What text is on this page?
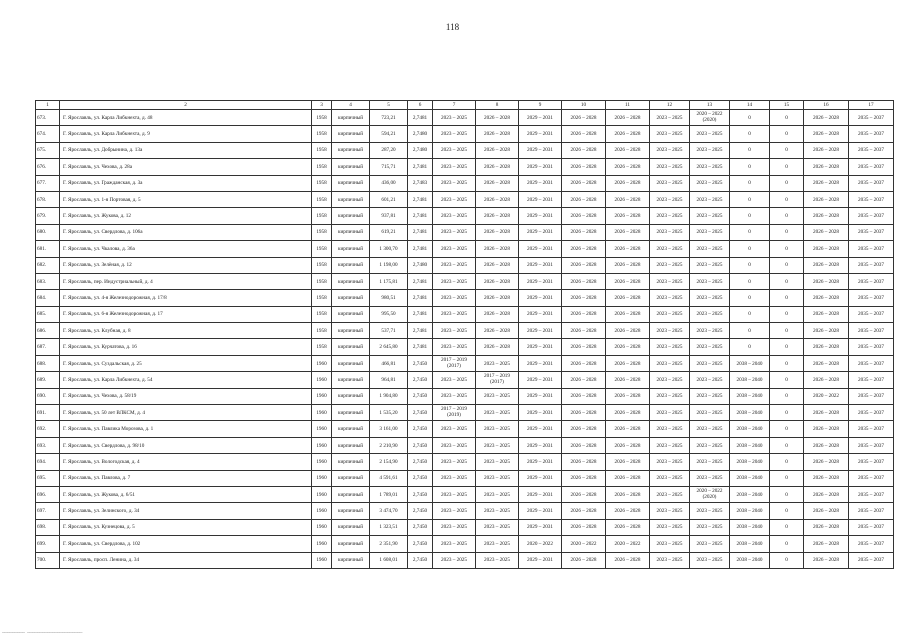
118
1	2	3	4	5	6	7	8	9	10	11	12	13	14	15	16	17
673.	Г. Ярославль, ул. Карла Либкнехта, д. 48	1958	кирпичный	723,21	2,7481	2023 – 2025	2026 – 2028	2029 – 2031	2026 – 2028	2026 – 2028	2023 – 2025	2020 – 2022 (2020)	0	0	2026 – 2028	2035 – 2037
674.	Г. Ярославль, ул. Карла Либкнехта, д. 9	1958	кирпичный	594,21	2,7480	2023 – 2025	2026 – 2028	2029 – 2031	2026 – 2028	2026 – 2028	2023 – 2025	2023 – 2025	0	0	2026 – 2028	2035 – 2037
675.	Г. Ярославль, ул. Добрынина, д. 13а	1958	кирпичный	287,20	2,7480	2023 – 2025	2026 – 2028	2029 – 2031	2026 – 2028	2026 – 2028	2023 – 2025	2023 – 2025	0	0	2026 – 2028	2035 – 2037
676.	Г. Ярославль, ул. Чехова, д. 28а	1958	кирпичный	715,71	2,7481	2023 – 2025	2026 – 2028	2029 – 2031	2026 – 2028	2026 – 2028	2023 – 2025	2023 – 2025	0	0	2026 – 2028	2035 – 2037
677.	Г. Ярославль, ул. Гражданская, д. 3а	1958	кирпичный	436,00	2,7483	2023 – 2025	2026 – 2028	2029 – 2031	2026 – 2028	2026 – 2028	2023 – 2025	2023 – 2025	0	0	2026 – 2028	2035 – 2037
678.	Г. Ярославль, ул. 1-я Портовая, д. 5	1958	кирпичный	601,21	2,7481	2023 – 2025	2026 – 2028	2029 – 2031	2026 – 2028	2026 – 2028	2023 – 2025	2023 – 2025	0	0	2026 – 2028	2035 – 2037
679.	Г. Ярославль, ул. Жукова, д. 12	1958	кирпичный	937,81	2,7481	2023 – 2025	2026 – 2028	2029 – 2031	2026 – 2028	2026 – 2028	2023 – 2025	2023 – 2025	0	0	2026 – 2028	2035 – 2037
680.	Г. Ярославль, ул. Свердлова, д. 106а	1958	кирпичный	619,21	2,7481	2023 – 2025	2026 – 2028	2029 – 2031	2026 – 2028	2026 – 2028	2023 – 2025	2023 – 2025	0	0	2026 – 2028	2035 – 2037
681.	Г. Ярославль, ул. Чкалова, д. 36а	1958	кирпичный	1 300,70	2,7481	2023 – 2025	2026 – 2028	2029 – 2031	2026 – 2028	2026 – 2028	2023 – 2025	2023 – 2025	0	0	2026 – 2028	2035 – 2037
682.	Г. Ярославль, ул. Зелёная, д. 12	1958	кирпичный	1 198,00	2,7480	2023 – 2025	2026 – 2028	2029 – 2031	2026 – 2028	2026 – 2028	2023 – 2025	2023 – 2025	0	0	2026 – 2028	2035 – 2037
683.	Г. Ярославль, пер. Индустриальный, д. 4	1958	кирпичный	1 175,81	2,7481	2023 – 2025	2026 – 2028	2029 – 2031	2026 – 2028	2026 – 2028	2023 – 2025	2023 – 2025	0	0	2026 – 2028	2035 – 2037
684.	Г. Ярославль, ул. 4-я Железнодорожная, д. 17/8	1958	кирпичный	980,51	2,7481	2023 – 2025	2026 – 2028	2029 – 2031	2026 – 2028	2026 – 2028	2023 – 2025	2023 – 2025	0	0	2026 – 2028	2035 – 2037
685.	Г. Ярославль, ул. 6-я Железнодорожная, д. 17	1958	кирпичный	995,50	2,7481	2023 – 2025	2026 – 2028	2029 – 2031	2026 – 2028	2026 – 2028	2023 – 2025	2023 – 2025	0	0	2026 – 2028	2035 – 2037
686.	Г. Ярославль, ул. Клубная, д. 8	1958	кирпичный	537,71	2,7481	2023 – 2025	2026 – 2028	2029 – 2031	2026 – 2028	2026 – 2028	2023 – 2025	2023 – 2025	0	0	2026 – 2028	2035 – 2037
687.	Г. Ярославль, ул. Курчатова, д. 16	1958	кирпичный	2 645,80	2,7481	2023 – 2025	2026 – 2028	2029 – 2031	2026 – 2028	2026 – 2028	2023 – 2025	2023 – 2025	0	0	2026 – 2028	2035 – 2037
688.	Г. Ярославль, ул. Суздальская, д. 25	1960	кирпичный	466,81	2,7450	2017 – 2019 (2017)	2023 – 2025	2029 – 2031	2026 – 2028	2026 – 2028	2023 – 2025	2023 – 2025	2038 – 2040	0	2026 – 2028	2035 – 2037
689.	Г. Ярославль, ул. Карла Либкнехта, д. 54	1960	кирпичный	964,81	2,7450	2023 – 2025	2017 – 2019 (2017)	2029 – 2031	2026 – 2028	2026 – 2028	2023 – 2025	2023 – 2025	2038 – 2040	0	2026 – 2028	2035 – 2037
690.	Г. Ярославль, ул. Чехова, д. 58/19	1960	кирпичный	1 904,80	2,7450	2023 – 2025	2023 – 2025	2029 – 2031	2026 – 2028	2026 – 2028	2023 – 2025	2023 – 2025	2038 – 2040	0	2020 – 2022	2035 – 2037
691.	Г. Ярославль, ул. 50 лет ВЛКСМ, д. 4	1960	кирпичный	1 535,20	2,7450	2017 – 2019 (2019)	2023 – 2025	2029 – 2031	2026 – 2028	2026 – 2028	2023 – 2025	2023 – 2025	2038 – 2040	0	2026 – 2028	2035 – 2037
692.	Г. Ярославль, ул. Павлика Морозова, д. 1	1960	кирпичный	3 161,00	2,7450	2023 – 2025	2023 – 2025	2029 – 2031	2026 – 2028	2026 – 2028	2023 – 2025	2023 – 2025	2038 – 2040	0	2026 – 2028	2035 – 2037
693.	Г. Ярославль, ул. Свердлова, д. 98/10	1960	кирпичный	2 210,90	2,7450	2023 – 2025	2023 – 2025	2029 – 2031	2026 – 2028	2026 – 2028	2023 – 2025	2023 – 2025	2038 – 2040	0	2026 – 2028	2035 – 2037
694.	Г. Ярославль, ул. Вологодская, д. 4	1960	кирпичный	2 154,90	2,7450	2023 – 2025	2023 – 2025	2029 – 2031	2026 – 2028	2026 – 2028	2023 – 2025	2023 – 2025	2038 – 2040	0	2026 – 2028	2035 – 2037
695.	Г. Ярославль, ул. Павлова, д. 7	1960	кирпичный	4 591,61	2,7450	2023 – 2025	2023 – 2025	2029 – 2031	2026 – 2028	2026 – 2028	2023 – 2025	2023 – 2025	2038 – 2040	0	2026 – 2028	2035 – 2037
696.	Г. Ярославль, ул. Жукова, д. 6/51	1960	кирпичный	1 789,01	2,7450	2023 – 2025	2023 – 2025	2029 – 2031	2026 – 2028	2026 – 2028	2023 – 2025	2020 – 2022 (2020)	2038 – 2040	0	2026 – 2028	2035 – 2037
697.	Г. Ярославль, ул. Зелинского, д. 34	1960	кирпичный	3 474,70	2,7450	2023 – 2025	2023 – 2025	2029 – 2031	2026 – 2028	2026 – 2028	2023 – 2025	2023 – 2025	2038 – 2040	0	2026 – 2028	2035 – 2037
698.	Г. Ярославль, ул. Кузнецова, д. 5	1960	кирпичный	1 323,51	2,7450	2023 – 2025	2023 – 2025	2029 – 2031	2026 – 2028	2026 – 2028	2023 – 2025	2023 – 2025	2038 – 2040	0	2026 – 2028	2035 – 2037
699.	Г. Ярославль, ул. Свердлова, д. 102	1960	кирпичный	2 351,90	2,7450	2023 – 2025	2023 – 2025	2020 – 2022	2020 – 2022	2020 – 2022	2023 – 2025	2023 – 2025	2038 – 2040	0	2026 – 2028	2035 – 2037
700.	Г. Ярославль, просп. Ленина, д. 34	1960	кирпичный	1 608,01	2,7450	2023 – 2025	2023 – 2025	2029 – 2031	2026 – 2028	2026 – 2028	2023 – 2025	2023 – 2025	2038 – 2040	0	2026 – 2028	2035 – 2037
_________ ______________________
